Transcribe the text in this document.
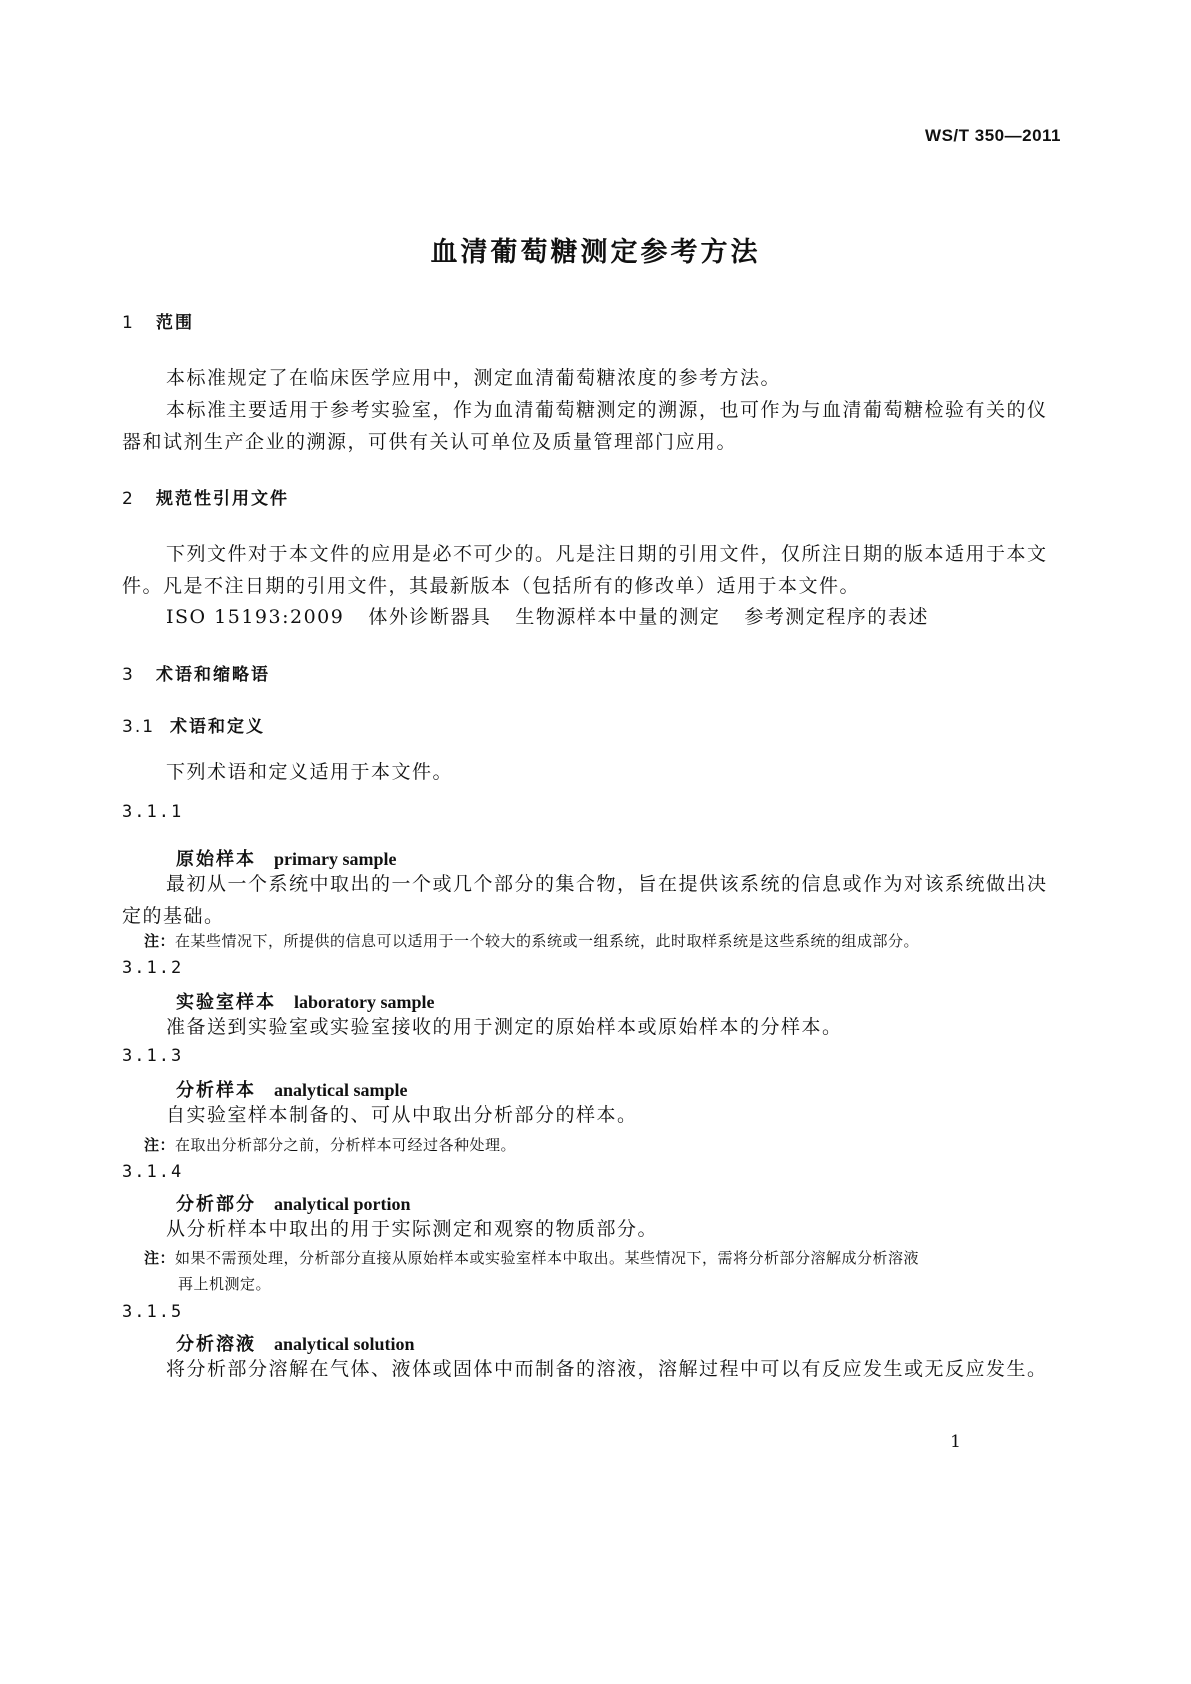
WS/T 350—2011
血清葡萄糖测定参考方法
1 范围
本标准规定了在临床医学应用中，测定血清葡萄糖浓度的参考方法。
本标准主要适用于参考实验室，作为血清葡萄糖测定的溯源，也可作为与血清葡萄糖检验有关的仪器和试剂生产企业的溯源，可供有关认可单位及质量管理部门应用。
2 规范性引用文件
下列文件对于本文件的应用是必不可少的。凡是注日期的引用文件，仅所注日期的版本适用于本文件。凡是不注日期的引用文件，其最新版本（包括所有的修改单）适用于本文件。
ISO 15193:2009 体外诊断器具 生物源样本中量的测定 参考测定程序的表述
3 术语和缩略语
3.1 术语和定义
下列术语和定义适用于本文件。
3.1.1
原始样本 primary sample
最初从一个系统中取出的一个或几个部分的集合物，旨在提供该系统的信息或作为对该系统做出决定的基础。
注：在某些情况下，所提供的信息可以适用于一个较大的系统或一组系统，此时取样系统是这些系统的组成部分。
3.1.2
实验室样本 laboratory sample
准备送到实验室或实验室接收的用于测定的原始样本或原始样本的分样本。
3.1.3
分析样本 analytical sample
自实验室样本制备的、可从中取出分析部分的样本。
注：在取出分析部分之前，分析样本可经过各种处理。
3.1.4
分析部分 analytical portion
从分析样本中取出的用于实际测定和观察的物质部分。
注：如果不需预处理，分析部分直接从原始样本或实验室样本中取出。某些情况下，需将分析部分溶解成分析溶液
再上机测定。
3.1.5
分析溶液 analytical solution
将分析部分溶解在气体、液体或固体中而制备的溶液，溶解过程中可以有反应发生或无反应发生。
1
